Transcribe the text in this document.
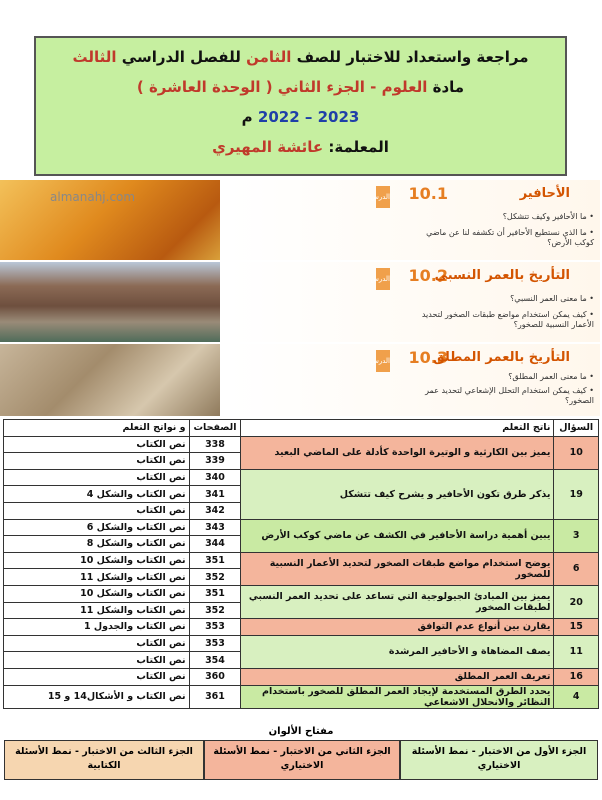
مراجعة واستعداد للاختبار للصف الثامن للفصل الدراسي الثالث
مادة العلوم - الجزء الثاني ( الوحدة العاشرة )
2022 – 2023 م
المعلمة: عائشة المهيري
الدرس 10.1	الأحافير
• ما الأحافير وكيف تتشكل؟
• ما الذي نستطيع الأحافير أن تكشفه لنا عن ماضي كوكب الأرض؟
almanahj.com
الدرس 10.2
التأريخ بالعمر النسبي
• ما معنى العمر النسبي؟
• كيف يمكن استخدام مواضع طبقات الصخور لتحديد الأعمار النسبية للصخور؟
الدرس 10.3
التأريخ بالعمر المطلق
• ما معنى العمر المطلق؟
• كيف يمكن استخدام التحلل الإشعاعي لتحديد عمر الصخور؟
السؤال	ناتج التعلم	الصفحات	و نواتج التعلم
10	يميز بين الكارثية و الوتيرة الواحدة كأدلة على الماضي البعيد	338	نص الكتاب
		339	نص الكتاب
19	يذكر طرق تكون الأحافير و يشرح كيف تتشكل	340	نص الكتاب
		341	نص الكتاب والشكل 4
		342	نص الكتاب
3	يبين أهمية دراسة الأحافير في الكشف عن ماضي كوكب الأرض	343	نص الكتاب والشكل 6
		344	نص الكتاب والشكل 8
6	يوضح استخدام مواضع طبقات الصخور لتحديد الأعمار النسبية للصخور	351	نص الكتاب والشكل 10
		352	نص الكتاب والشكل 11
20	يميز بين المبادئ الجيولوجية التي تساعد على تحديد العمر النسبي لطبقات الصخور	351	نص الكتاب والشكل 10
		352	نص الكتاب والشكل 11
15	يقارن بين أنواع عدم التوافق	353	نص الكتاب والجدول 1
11	يصف المضاهاة و الأحافير المرشدة	353	نص الكتاب
		354	نص الكتاب
16	تعريف العمر المطلق	360	نص الكتاب
4	يحدد الطرق المستخدمة لإيجاد العمر المطلق للصخور باستخدام النظائر والانحلال الاشعاعي	361	نص الكتاب و الأشكال14 و 15
مفتاح الألوان
الجزء الأول من الاختبار - نمط الأسئلة الاختياري
الجزء الثاني من الاختبار - نمط الأسئلة الاختياري
الجزء الثالث من الاختبار - نمط الأسئلة الكتابية
